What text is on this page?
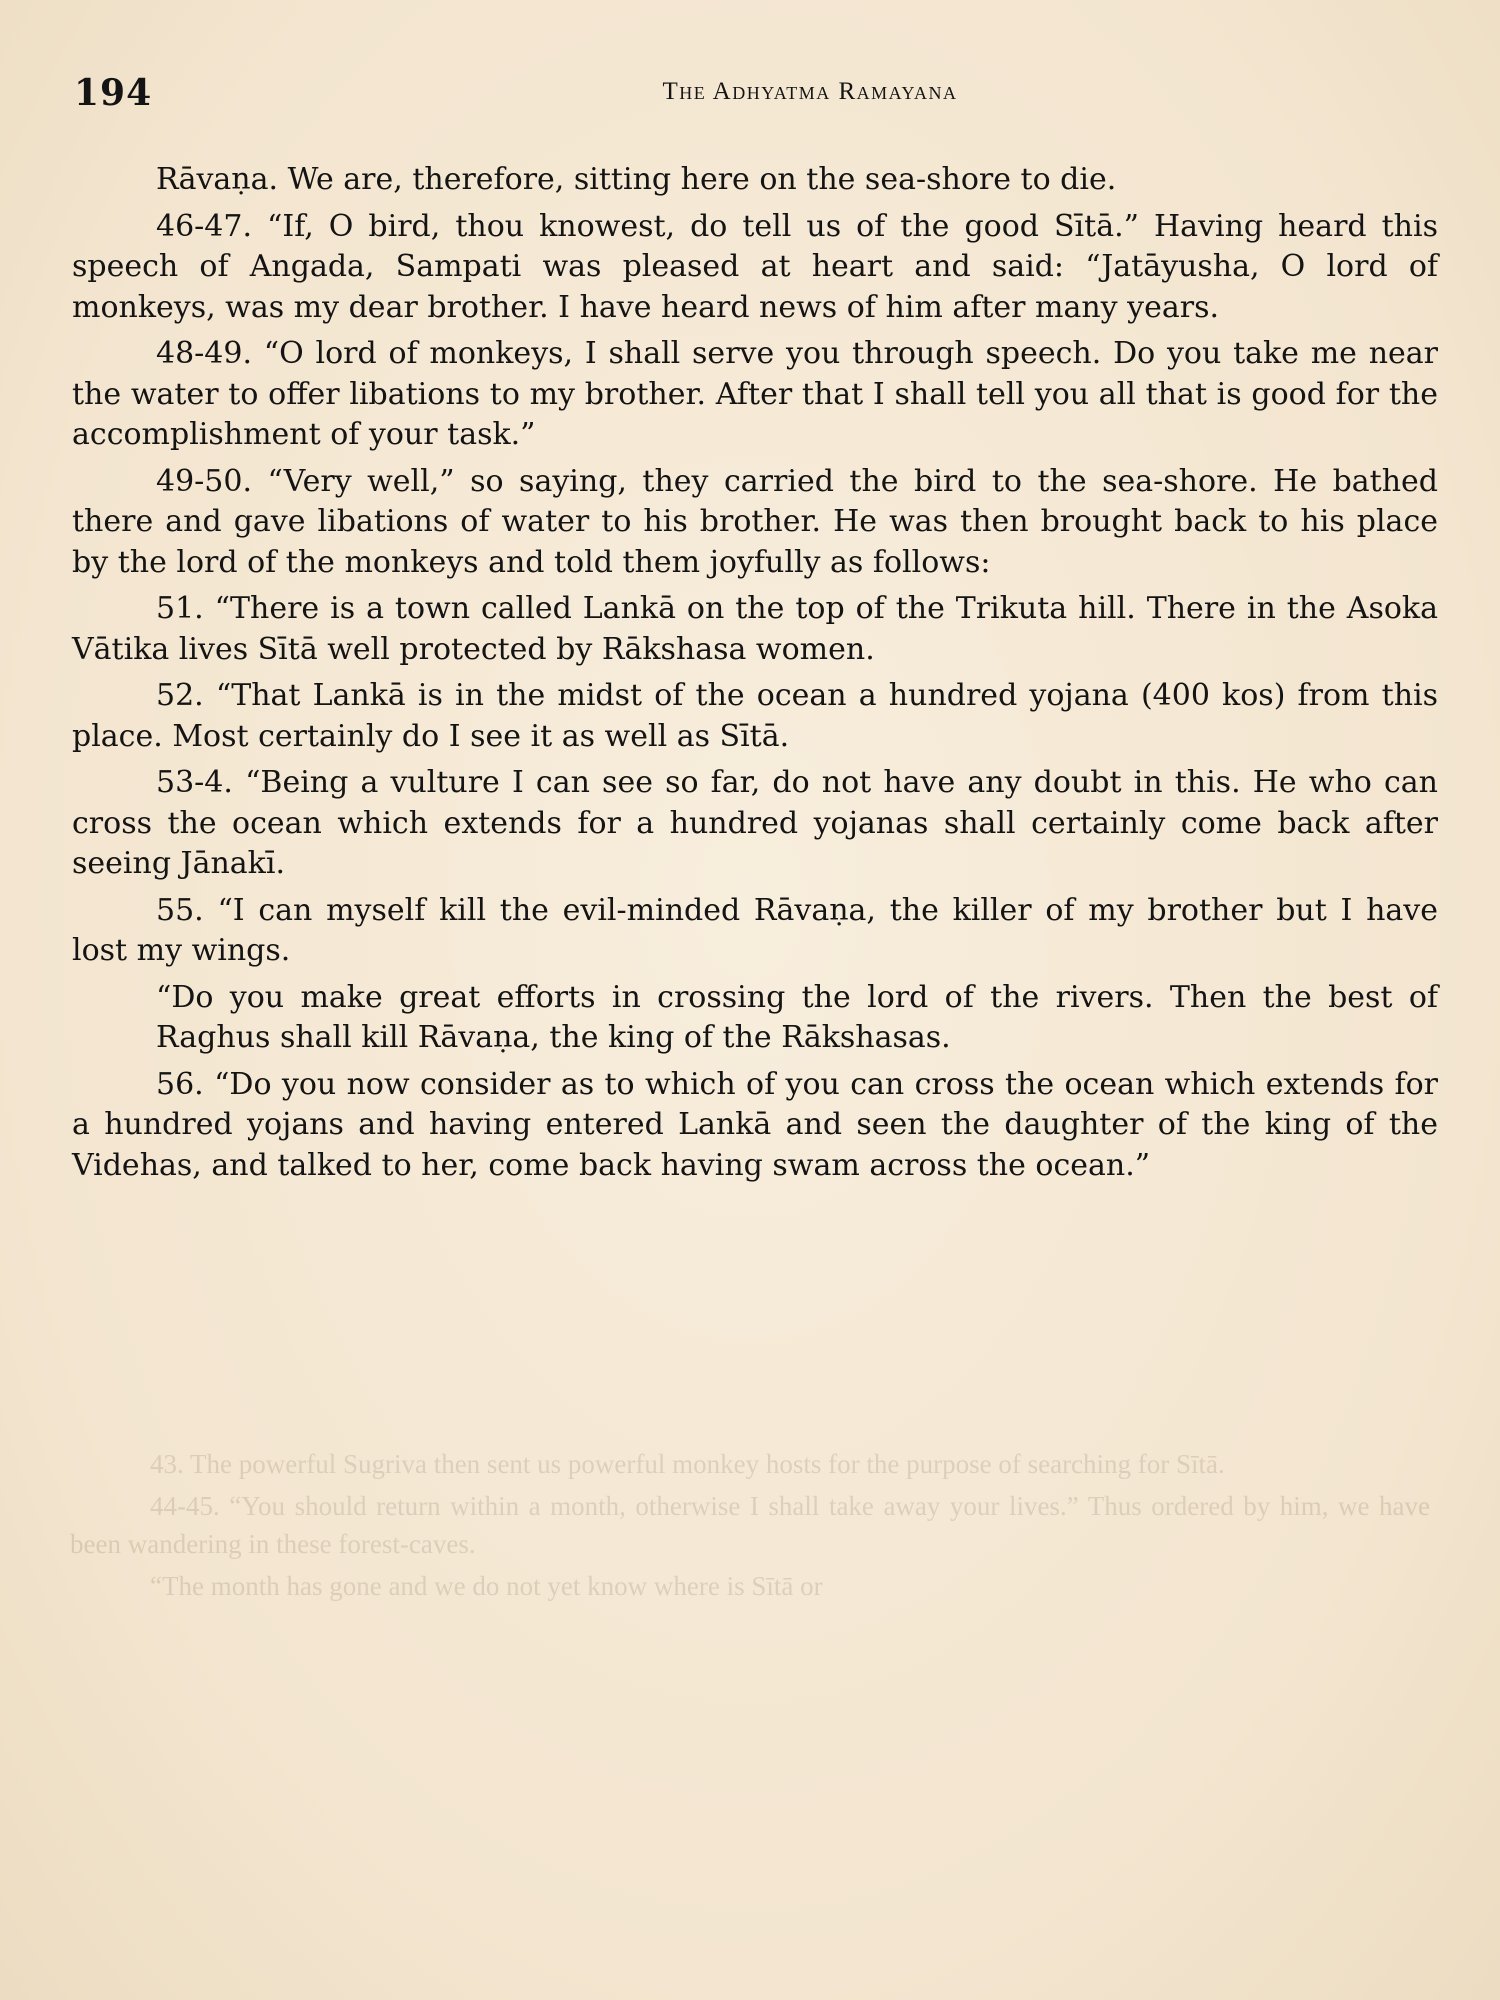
194	The Adhyatma Ramayana

43. The powerful Sugriva then sent us powerful monkey hosts for the purpose of searching for Sītā.

44-45. “You should return within a month, otherwise I shall take away your lives.” Thus ordered by him, we have been wandering in these forest-caves.

“The month has gone and we do not yet know where is Sītā or

Rāvaṇa. We are, therefore, sitting here on the sea-shore to die.

46-47. “If, O bird, thou knowest, do tell us of the good Sītā.” Having heard this speech of Angada, Sampati was pleased at heart and said: “Jatāyusha, O lord of monkeys, was my dear brother. I have heard news of him after many years.

48-49. “O lord of monkeys, I shall serve you through speech. Do you take me near the water to offer libations to my brother. After that I shall tell you all that is good for the accomplishment of your task.”

49-50. “Very well,” so saying, they carried the bird to the sea-shore. He bathed there and gave libations of water to his brother. He was then brought back to his place by the lord of the monkeys and told them joyfully as follows:

51. “There is a town called Lankā on the top of the Trikuta hill. There in the Asoka Vātika lives Sītā well protected by Rākshasa women.

52. “That Lankā is in the midst of the ocean a hundred yojana (400 kos) from this place. Most certainly do I see it as well as Sītā.

53-4. “Being a vulture I can see so far, do not have any doubt in this. He who can cross the ocean which extends for a hundred yojanas shall certainly come back after seeing Jānakī.

55. “I can myself kill the evil-minded Rāvaṇa, the killer of my brother but I have lost my wings.

“Do you make great efforts in crossing the lord of the rivers. Then the best of Raghus shall kill Rāvaṇa, the king of the Rākshasas.

56. “Do you now consider as to which of you can cross the ocean which extends for a hundred yojans and having entered Lankā and seen the daughter of the king of the Videhas, and talked to her, come back having swam across the ocean.”
